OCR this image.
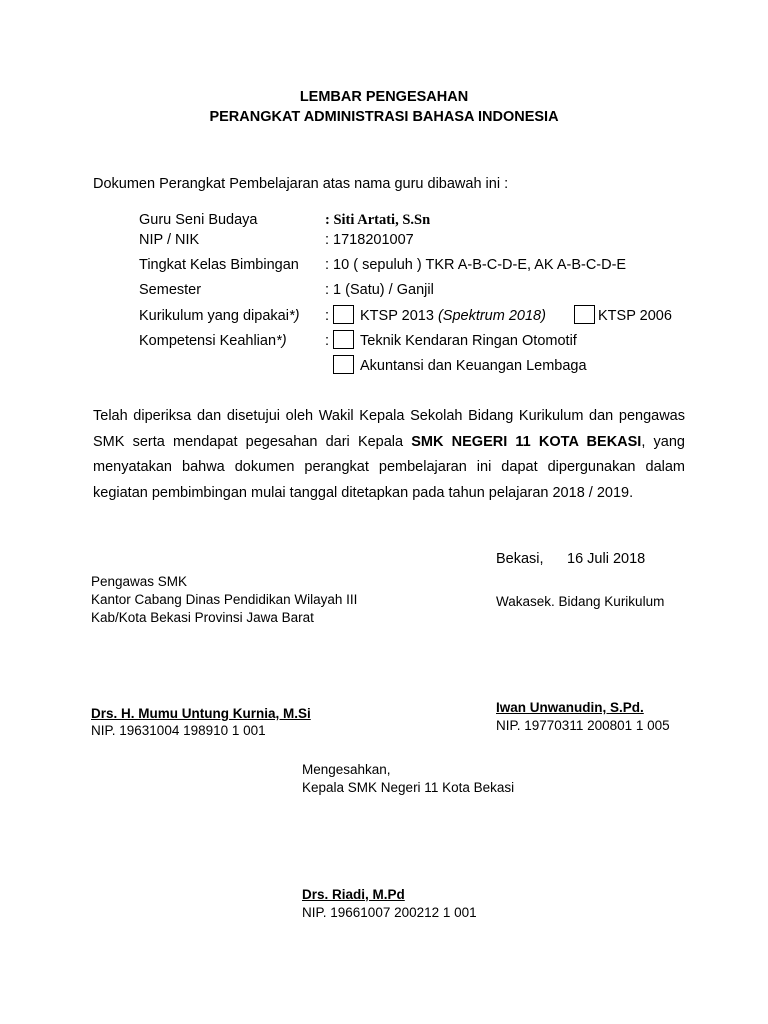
LEMBAR PENGESAHAN
PERANGKAT ADMINISTRASI BAHASA INDONESIA
Dokumen Perangkat Pembelajaran atas nama guru dibawah ini :
Guru Seni Budaya	: Siti Artati, S.Sn
NIP / NIK	: 1718201007
Tingkat Kelas Bimbingan : 10 ( sepuluh ) TKR A-B-C-D-E, AK A-B-C-D-E
Semester	: 1 (Satu) / Ganjil
Kurikulum yang dipakai*) : KTSP 2013 (Spektrum 2018)	KTSP 2006
Kompetensi Keahlian*)	: Teknik Kendaran Ringan Otomotif
Akuntansi dan Keuangan Lembaga
Telah diperiksa dan disetujui oleh Wakil Kepala Sekolah Bidang Kurikulum dan pengawas SMK serta mendapat pegesahan dari Kepala SMK NEGERI 11 KOTA BEKASI, yang menyatakan bahwa dokumen perangkat pembelajaran ini dapat dipergunakan dalam kegiatan pembimbingan mulai tanggal ditetapkan pada tahun pelajaran 2018 / 2019.
Bekasi, 16 Juli 2018
Pengawas SMK
Kantor Cabang Dinas Pendidikan Wilayah III
Kab/Kota Bekasi Provinsi Jawa Barat
Drs. H. Mumu Untung Kurnia, M.Si
NIP. 19631004 198910 1 001
Wakasek. Bidang Kurikulum
Iwan Unwanudin, S.Pd.
NIP. 19770311 200801 1 005
Mengesahkan,
Kepala SMK Negeri 11 Kota Bekasi
Drs. Riadi, M.Pd
NIP. 19661007 200212 1 001
